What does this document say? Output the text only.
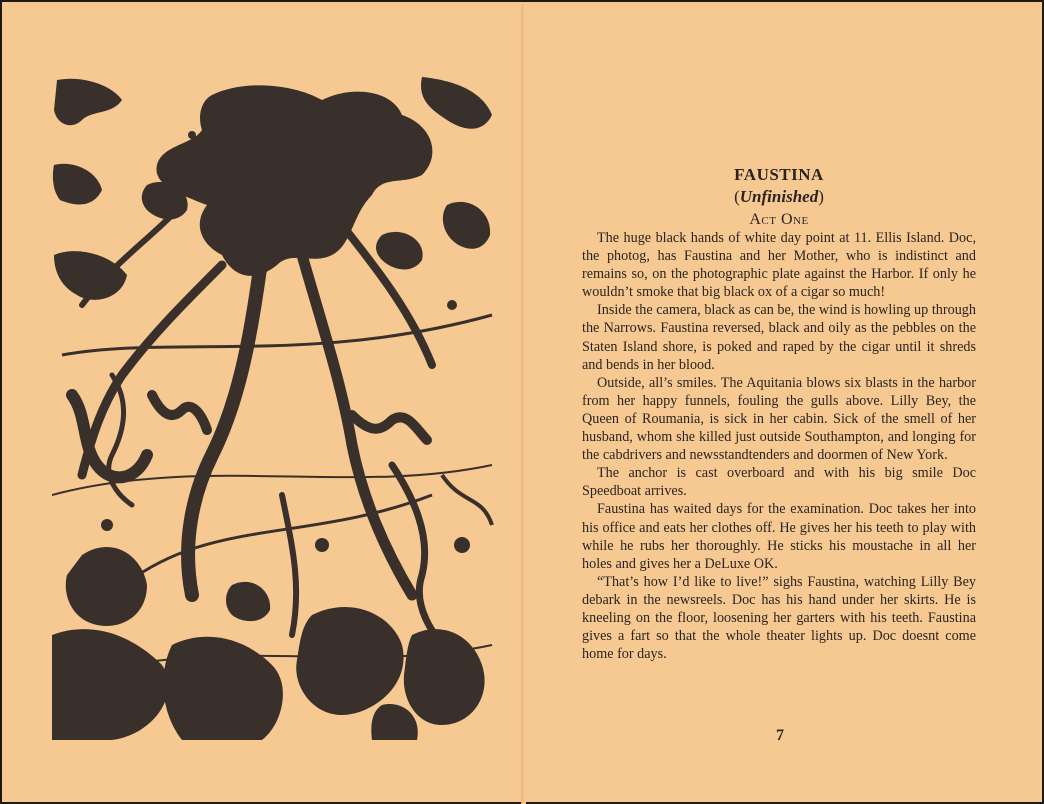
FAUSTINA

(Unfinished)

Act One

The huge black hands of white day point at 11. Ellis Island. Doc, the photog, has Faustina and her Mother, who is indistinct and remains so, on the photographic plate against the Harbor. If only he wouldn’t smoke that big black ox of a cigar so much!

Inside the camera, black as can be, the wind is howling up through the Narrows. Faustina reversed, black and oily as the pebbles on the Staten Island shore, is poked and raped by the cigar until it shreds and bends in her blood.

Outside, all’s smiles. The Aquitania blows six blasts in the harbor from her happy funnels, fouling the gulls above. Lilly Bey, the Queen of Roumania, is sick in her cabin. Sick of the smell of her husband, whom she killed just outside Southampton, and longing for the cabdrivers and newsstandtenders and doormen of New York.

The anchor is cast overboard and with his big smile Doc Speedboat arrives.

Faustina has waited days for the examination. Doc takes her into his office and eats her clothes off. He gives her his teeth to play with while he rubs her thoroughly. He sticks his moustache in all her holes and gives her a DeLuxe OK.

“That’s how I’d like to live!” sighs Faustina, watching Lilly Bey debark in the newsreels. Doc has his hand under her skirts. He is kneeling on the floor, loosening her garters with his teeth. Faustina gives a fart so that the whole theater lights up. Doc doesnt come home for days.

7
